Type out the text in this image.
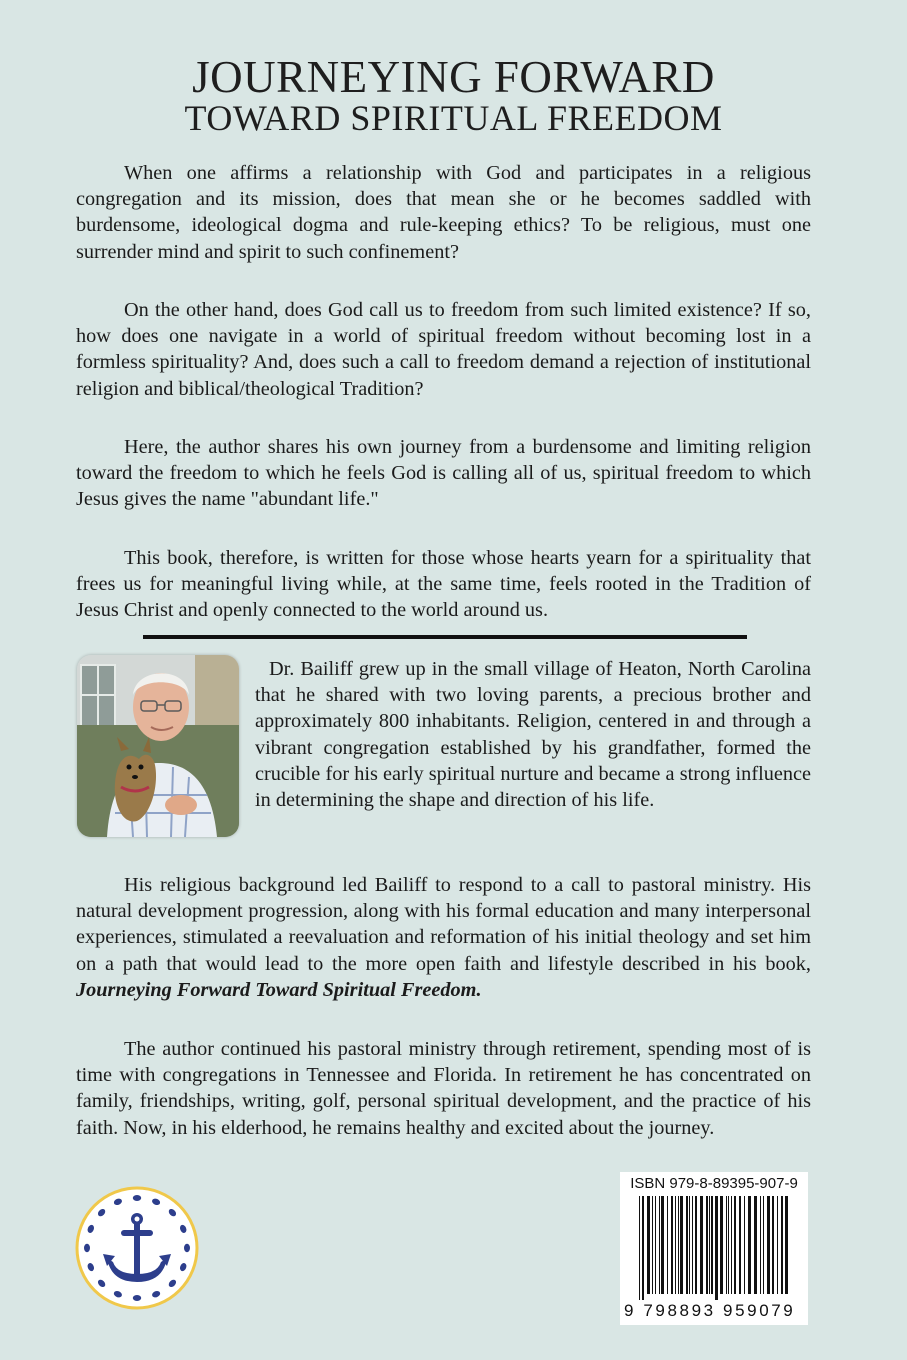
JOURNEYING FORWARD
TOWARD SPIRITUAL FREEDOM

When one affirms a relationship with God and participates in a religious congregation and its mission, does that mean she or he becomes saddled with burdensome, ideological dogma and rule-keeping ethics? To be religious, must one surrender mind and spirit to such confinement?

On the other hand, does God call us to freedom from such limited existence? If so, how does one navigate in a world of spiritual freedom without becoming lost in a formless spirituality? And, does such a call to freedom demand a rejection of institutional religion and biblical/theological Tradition?

Here, the author shares his own journey from a burdensome and limiting religion toward the freedom to which he feels God is calling all of us, spiritual freedom to which Jesus gives the name "abundant life."

This book, therefore, is written for those whose hearts yearn for a spirituality that frees us for meaningful living while, at the same time, feels rooted in the Tradition of Jesus Christ and openly connected to the world around us.

Dr. Bailiff grew up in the small village of Heaton, North Carolina that he shared with two loving parents, a precious brother and approximately 800 inhabitants. Religion, centered in and through a vibrant congregation established by his grandfather, formed the crucible for his early spiritual nurture and became a strong influence in determining the shape and direction of his life.

His religious background led Bailiff to respond to a call to pastoral ministry. His natural development progression, along with his formal education and many interpersonal experiences, stimulated a reevaluation and reformation of his initial theology and set him on a path that would lead to the more open faith and lifestyle described in his book, Journeying Forward Toward Spiritual Freedom.

The author continued his pastoral ministry through retirement, spending most of is time with congregations in Tennessee and Florida. In retirement he has concentrated on family, friendships, writing, golf, personal spiritual development, and the practice of his faith. Now, in his elderhood, he remains healthy and excited about the journey.

ISBN 979-8-89395-907-9
9 798893 959079
